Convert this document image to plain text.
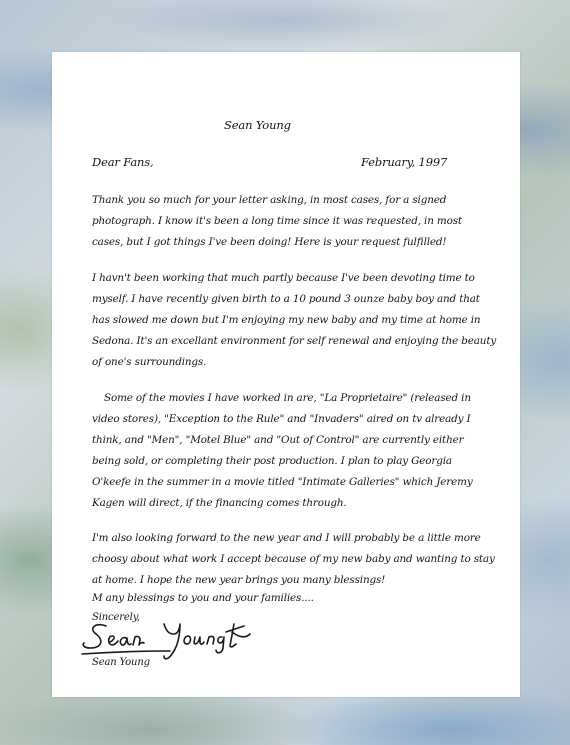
Sean Young
Dear Fans,	February, 1997
Thank you so much for your letter asking, in most cases, for a signed
photograph. I know it's been a long time since it was requested, in most
cases, but I got things I've been doing! Here is your request fulfilled!
I havn't been working that much partly because I've been devoting time to
myself. I have recently given birth to a 10 pound 3 ounze baby boy and that
has slowed me down but I'm enjoying my new baby and my time at home in
Sedona. It's an excellant environment for self renewal and enjoying the beauty
of one's surroundings.
Some of the movies I have worked in are, "La Proprietaire" (released in
video stores), "Exception to the Rule" and "Invaders" aired on tv already I
think, and "Men", "Motel Blue" and "Out of Control" are currently either
being sold, or completing their post production. I plan to play Georgia
O'keefe in the summer in a movie titled "Intimate Galleries" which Jeremy
Kagen will direct, if the financing comes through.
I'm also looking forward to the new year and I will probably be a little more
choosy about what work I accept because of my new baby and wanting to stay
at home. I hope the new year brings you many blessings!
M any blessings to you and your families....
Sincerely,
Sean Young
